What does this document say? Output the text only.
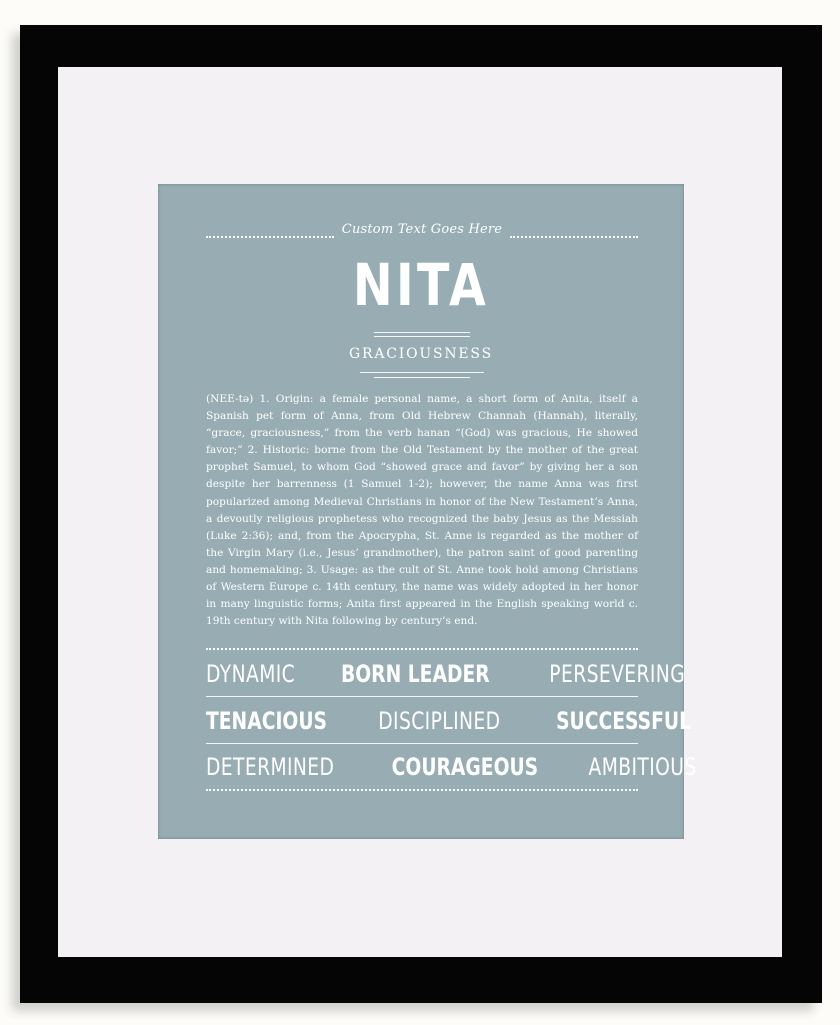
Custom Text Goes Here
NITA
GRACIOUSNESS
(NEE-tə) 1. Origin: a female personal name, a short form of Anita, itself a Spanish pet form of Anna, from Old Hebrew Channah (Hannah), literally, “grace, graciousness,” from the verb hanan “(God) was gracious, He showed favor;” 2. Historic: borne from the Old Testament by the mother of the great prophet Samuel, to whom God “showed grace and favor” by giving her a son despite her barrenness (1 Samuel 1-2); however, the name Anna was first popularized among Medieval Christians in honor of the New Testament’s Anna, a devoutly religious prophetess who recognized the baby Jesus as the Messiah (Luke 2:36); and, from the Apocrypha, St. Anne is regarded as the mother of the Virgin Mary (i.e., Jesus’ grandmother), the patron saint of good parenting and homemaking; 3. Usage: as the cult of St. Anne took hold among Christians of Western Europe c. 14th century, the name was widely adopted in her honor in many linguistic forms; Anita first appeared in the English speaking world c. 19th century with Nita following by century’s end.
DYNAMIC BORN LEADER PERSEVERING
TENACIOUS DISCIPLINED SUCCESSFUL
DETERMINED COURAGEOUS AMBITIOUS
